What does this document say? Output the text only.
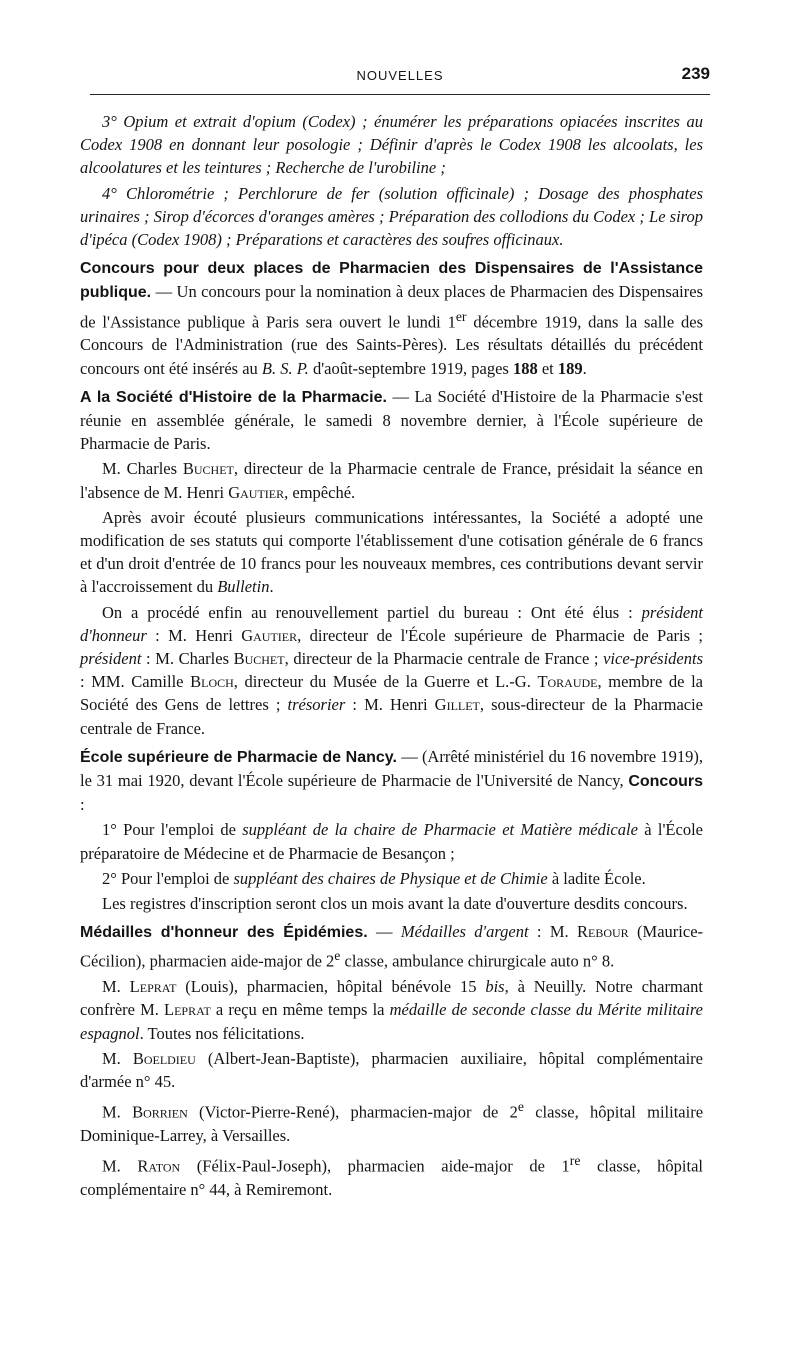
NOUVELLES	239

3° Opium et extrait d'opium (Codex) ; énumérer les préparations opiacées inscrites au Codex 1908 en donnant leur posologie ; Définir d'après le Codex 1908 les alcoolats, les alcoolatures et les teintures ; Recherche de l'urobiline ;

4° Chlorométrie ; Perchlorure de fer (solution officinale) ; Dosage des phosphates urinaires ; Sirop d'écorces d'oranges amères ; Préparation des collodions du Codex ; Le sirop d'ipéca (Codex 1908) ; Préparations et caractères des soufres officinaux.

Concours pour deux places de Pharmacien des Dispensaires de l'Assistance publique. — Un concours pour la nomination à deux places de Pharmacien des Dispensaires de l'Assistance publique à Paris sera ouvert le lundi 1er décembre 1919, dans la salle des Concours de l'Administration (rue des Saints-Pères). Les résultats détaillés du précédent concours ont été insérés au B. S. P. d'août-septembre 1919, pages 188 et 189.

A la Société d'Histoire de la Pharmacie. — La Société d'Histoire de la Pharmacie s'est réunie en assemblée générale, le samedi 8 novembre dernier, à l'École supérieure de Pharmacie de Paris.

M. Charles Buchet, directeur de la Pharmacie centrale de France, présidait la séance en l'absence de M. Henri Gautier, empêché.

Après avoir écouté plusieurs communications intéressantes, la Société a adopté une modification de ses statuts qui comporte l'établissement d'une cotisation générale de 6 francs et d'un droit d'entrée de 10 francs pour les nouveaux membres, ces contributions devant servir à l'accroissement du Bulletin.

On a procédé enfin au renouvellement partiel du bureau : Ont été élus : président d'honneur : M. Henri Gautier, directeur de l'École supérieure de Pharmacie de Paris ; président : M. Charles Buchet, directeur de la Pharmacie centrale de France ; vice-présidents : MM. Camille Bloch, directeur du Musée de la Guerre et L.-G. Toraude, membre de la Société des Gens de lettres ; trésorier : M. Henri Gillet, sous-directeur de la Pharmacie centrale de France.

École supérieure de Pharmacie de Nancy. — (Arrêté ministériel du 16 novembre 1919), le 31 mai 1920, devant l'École supérieure de Pharmacie de l'Université de Nancy, Concours :

1° Pour l'emploi de suppléant de la chaire de Pharmacie et Matière médicale à l'École préparatoire de Médecine et de Pharmacie de Besançon ;

2° Pour l'emploi de suppléant des chaires de Physique et de Chimie à ladite École.

Les registres d'inscription seront clos un mois avant la date d'ouverture desdits concours.

Médailles d'honneur des Épidémies. — Médailles d'argent : M. Rebour (Maurice-Cécilion), pharmacien aide-major de 2e classe, ambulance chirurgicale auto n° 8.

M. Leprat (Louis), pharmacien, hôpital bénévole 15 bis, à Neuilly. Notre charmant confrère M. Leprat a reçu en même temps la médaille de seconde classe du Mérite militaire espagnol. Toutes nos félicitations.

M. Boeldieu (Albert-Jean-Baptiste), pharmacien auxiliaire, hôpital complémentaire d'armée n° 45.

M. Borrien (Victor-Pierre-René), pharmacien-major de 2e classe, hôpital militaire Dominique-Larrey, à Versailles.

M. Raton (Félix-Paul-Joseph), pharmacien aide-major de 1re classe, hôpital complémentaire n° 44, à Remiremont.
